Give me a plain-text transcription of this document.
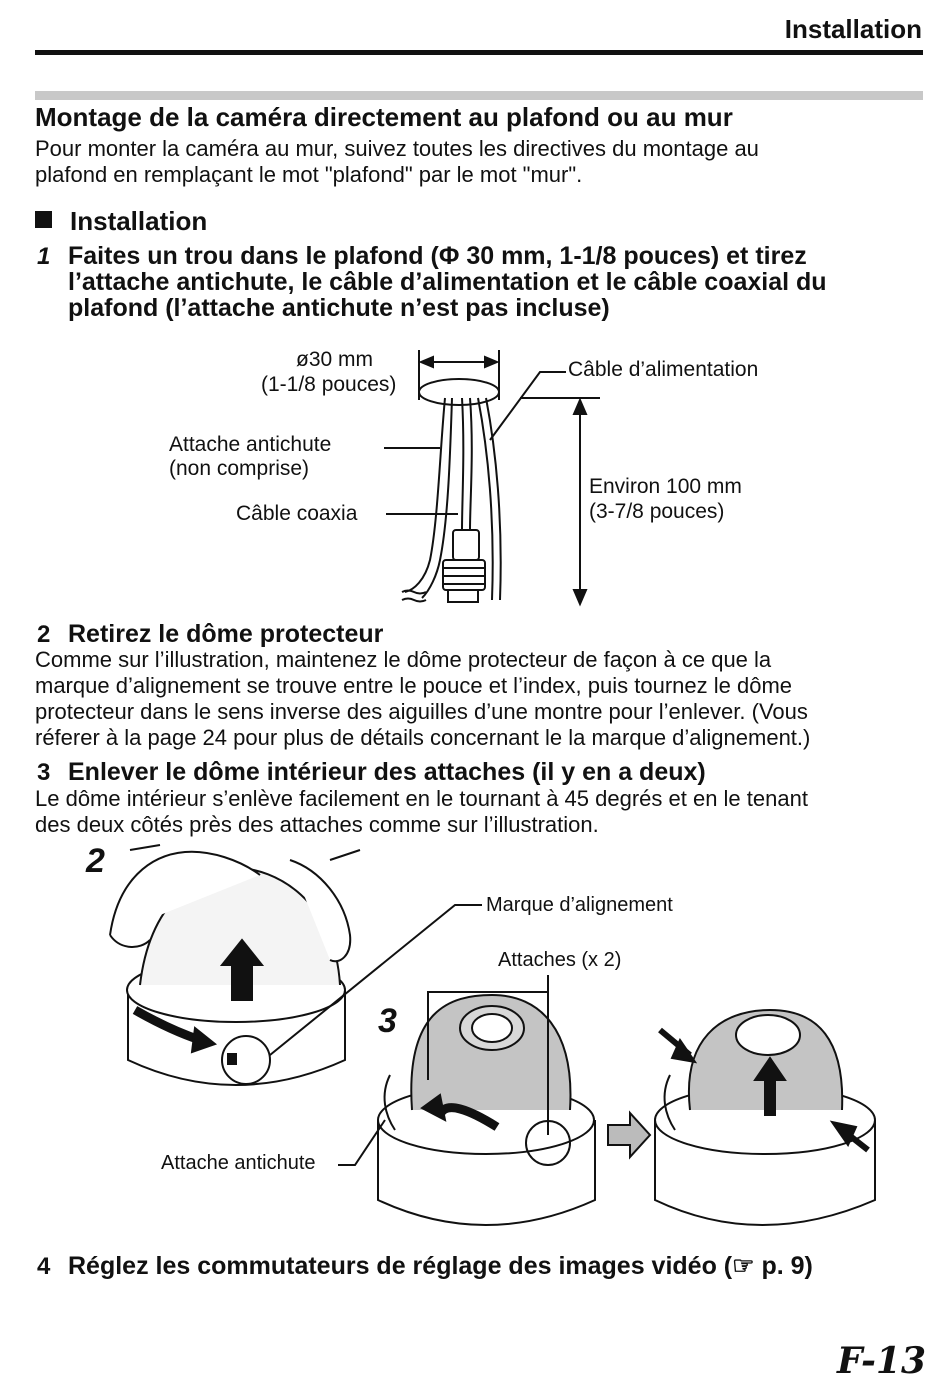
Installation
Montage de la caméra directement au plafond ou au mur
Pour monter la caméra au mur, suivez toutes les directives du montage au
plafond en remplaçant le mot "plafond" par le mot "mur".
Installation
1 Faites un trou dans le plafond (Φ 30 mm, 1-1/8 pouces) et tirez
l’attache antichute, le câble d’alimentation et le câble coaxial du
plafond (l’attache antichute n’est pas incluse)
ø30 mm
(1-1/8 pouces)
Câble d’alimentation
Attache antichute
(non comprise)
Câble coaxia
Environ 100 mm
(3-7/8 pouces)
2 Retirez le dôme protecteur
Comme sur l’illustration, maintenez le dôme protecteur de façon à ce que la
marque d’alignement se trouve entre le pouce et l’index, puis tournez le dôme
protecteur dans le sens inverse des aiguilles d’une montre pour l’enlever. (Vous
réferer à la page 24 pour plus de détails concernant le la marque d’alignement.)
3 Enlever le dôme intérieur des attaches (il y en a deux)
Le dôme intérieur s’enlève facilement en le tournant à 45 degrés et en le tenant
des deux côtés près des attaches comme sur l’illustration.
2
3
Marque d’alignement
Attaches (x 2)
Attache antichute
4 Réglez les commutateurs de réglage des images vidéo (☞ p. 9)
F-13
